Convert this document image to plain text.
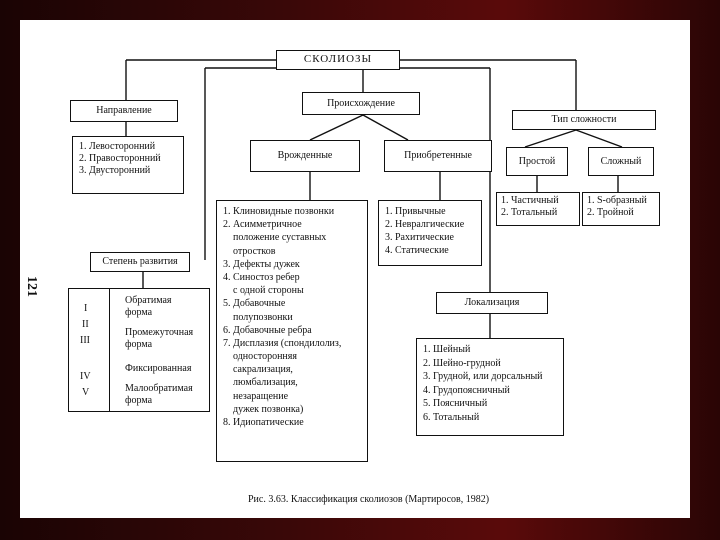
СКОЛИОЗЫ
Направление
1. Левосторонний
2. Правосторонний
3. Двусторонний
Происхождение
Врожденные	Приобретенные
1. Клиновидные позвонки
2. Асимметричное
положение суставных
отростков
3. Дефекты дужек
4. Синостоз ребер
с одной стороны
5. Добавочные
полупозвонки
6. Добавочные ребра
7. Дисплазия (спондилолиз,
односторонняя
сакрализация,
люмбализация,
незаращение
дужек позвонка)
8. Идиопатические
1. Привычные
2. Невралгические
3. Рахитические
4. Статические
Тип сложности
Простой	Сложный
1. Частичный
2. Тотальный
1. S-образный
2. Тройной
Степень развития
I
II
III
IV
V
Обратимая
форма
Промежуточная
форма
Фиксированная
Малообратимая
форма
Локализация
1. Шейный
2. Шейно-грудной
3. Грудной, или дорсальный
4. Грудопоясничный
5. Поясничный
6. Тотальный
121
Рис. 3.63. Классификация сколиозов (Мартиросов, 1982)
